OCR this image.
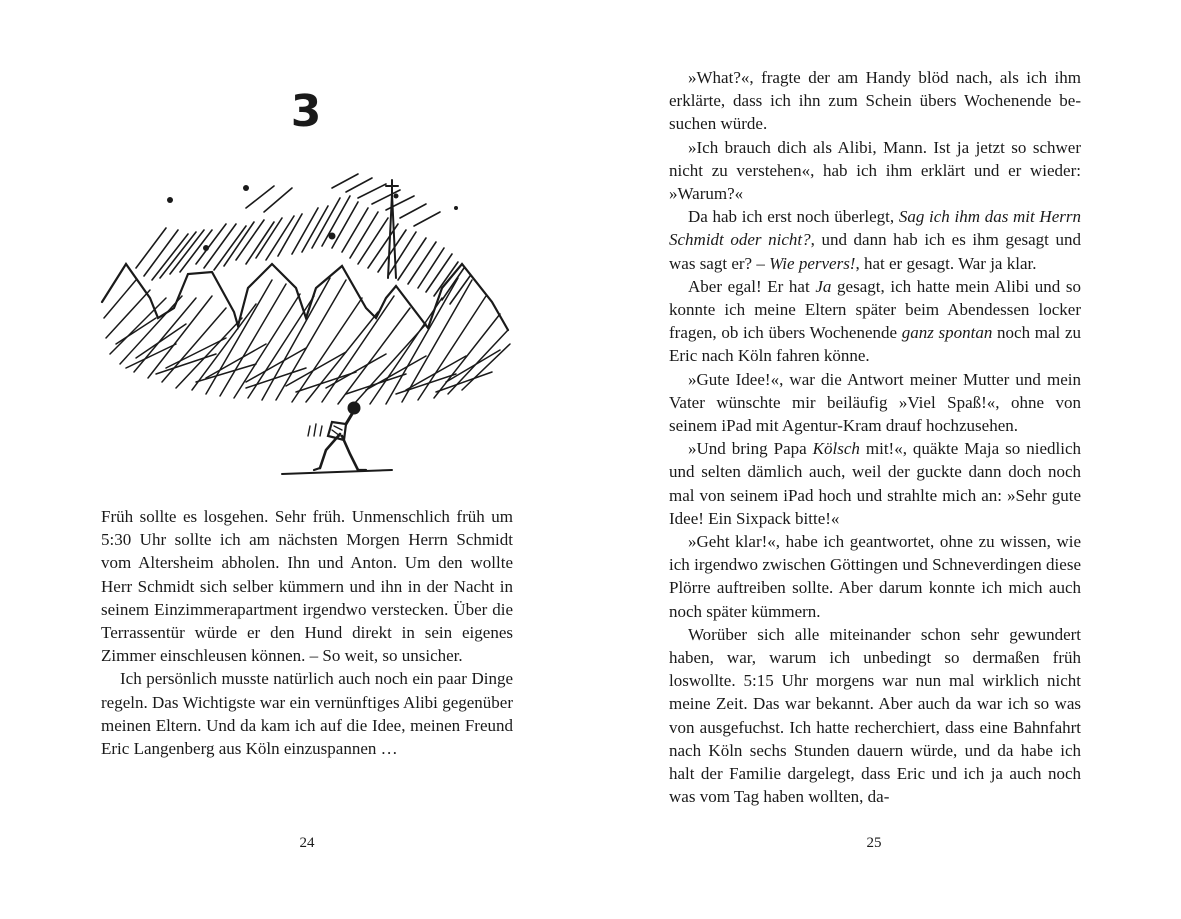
3

Früh sollte es losgehen. Sehr früh. Unmenschlich früh um 5:30 Uhr sollte ich am nächsten Morgen Herrn Schmidt vom Altersheim abholen. Ihn und Anton. Um den wollte Herr Schmidt sich selber kümmern und ihn in der Nacht in seinem Einzimmerapartment irgendwo verstecken. Über die Terrassentür würde er den Hund direkt in sein eigenes Zimmer einschleusen können. – So weit, so unsicher.

Ich persönlich musste natürlich auch noch ein paar Dinge regeln. Das Wichtigste war ein vernünftiges Alibi gegenüber meinen Eltern. Und da kam ich auf die Idee, meinen Freund Eric Langenberg aus Köln einzuspannen …

24

»What?«, fragte der am Handy blöd nach, als ich ihm erklärte, dass ich ihn zum Schein übers Wochenende besuchen würde.

»Ich brauch dich als Alibi, Mann. Ist ja jetzt so schwer nicht zu verstehen«, hab ich ihm erklärt und er wieder: »Warum?«

Da hab ich erst noch überlegt, Sag ich ihm das mit Herrn Schmidt oder nicht?, und dann hab ich es ihm gesagt und was sagt er? – Wie pervers!, hat er gesagt. War ja klar.

Aber egal! Er hat Ja gesagt, ich hatte mein Alibi und so konnte ich meine Eltern später beim Abendessen locker fragen, ob ich übers Wochenende ganz spontan noch mal zu Eric nach Köln fahren könne.

»Gute Idee!«, war die Antwort meiner Mutter und mein Vater wünschte mir beiläufig »Viel Spaß!«, ohne von seinem iPad mit Agentur-Kram drauf hochzusehen.

»Und bring Papa Kölsch mit!«, quäkte Maja so niedlich und selten dämlich auch, weil der guckte dann doch noch mal von seinem iPad hoch und strahlte mich an: »Sehr gute Idee! Ein Sixpack bitte!«

»Geht klar!«, habe ich geantwortet, ohne zu wissen, wie ich irgendwo zwischen Göttingen und Schneverdingen diese Plörre auftreiben sollte. Aber darum konnte ich mich auch noch später kümmern.

Worüber sich alle miteinander schon sehr gewundert haben, war, warum ich unbedingt so dermaßen früh loswollte. 5:15 Uhr morgens war nun mal wirklich nicht meine Zeit. Das war bekannt. Aber auch da war ich so was von ausgefuchst. Ich hatte recherchiert, dass eine Bahnfahrt nach Köln sechs Stunden dauern würde, und da habe ich halt der Familie dargelegt, dass Eric und ich ja auch noch was vom Tag haben wollten, da-

25
